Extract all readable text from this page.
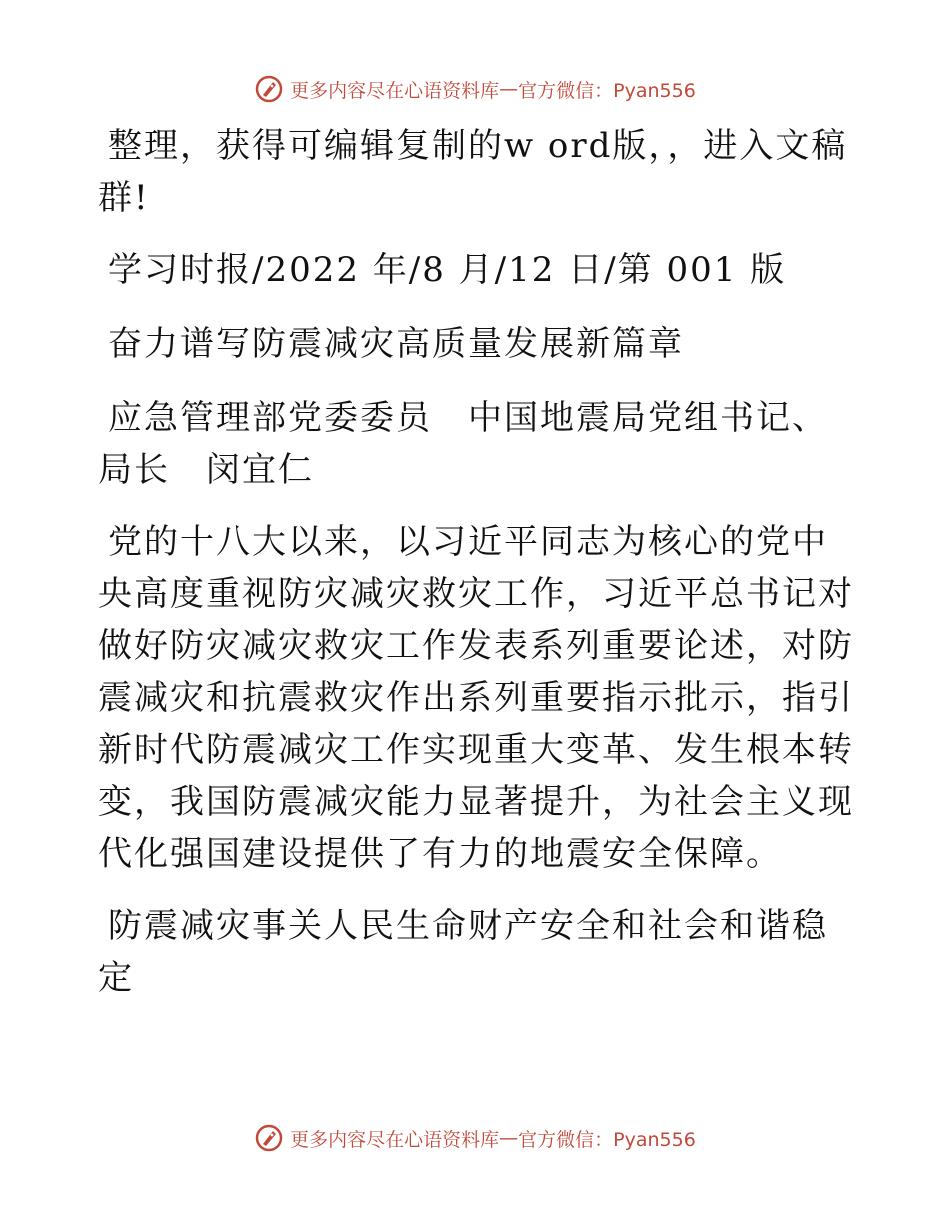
更多内容尽在心语资料库 — 官方微信：Pyan556

整理，获得可编辑复制的w ord版，，进入文稿群!

学习时报/2022 年/8 月/12 日/第 001 版

奋力谱写防震减灾高质量发展新篇章

应急管理部党委委员　中国地震局党组书记、局长　闵宜仁

党的十八大以来，以习近平同志为核心的党中央高度重视防灾减灾救灾工作，习近平总书记对做好防灾减灾救灾工作发表系列重要论述，对防震减灾和抗震救灾作出系列重要指示批示，指引新时代防震减灾工作实现重大变革、发生根本转变，我国防震减灾能力显著提升，为社会主义现代化强国建设提供了有力的地震安全保障。

防震减灾事关人民生命财产安全和社会和谐稳定

更多内容尽在心语资料库 — 官方微信：Pyan556
